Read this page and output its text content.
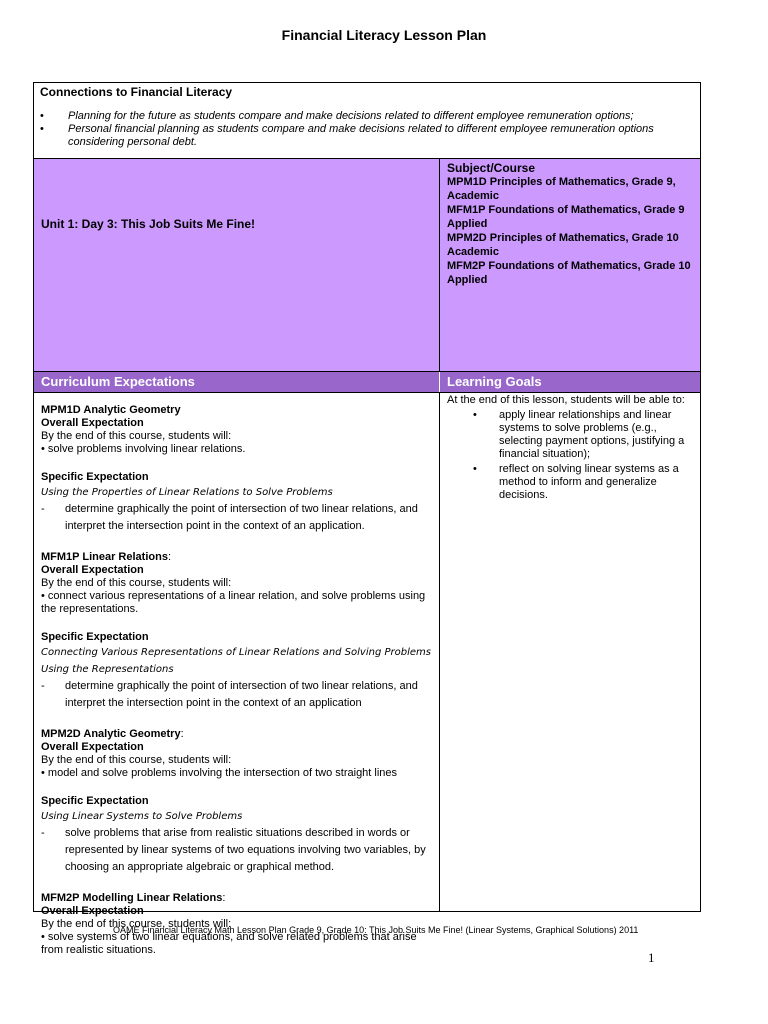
Financial Literacy Lesson Plan
Connections to Financial Literacy
• Planning for the future as students compare and make decisions related to different employee remuneration options;
• Personal financial planning as students compare and make decisions related to different employee remuneration options considering personal debt.
Unit 1: Day 3: This Job Suits Me Fine!
Subject/Course
MPM1D Principles of Mathematics, Grade 9, Academic
MFM1P Foundations of Mathematics, Grade 9 Applied
MPM2D Principles of Mathematics, Grade 10 Academic
MFM2P Foundations of Mathematics, Grade 10 Applied
Curriculum Expectations	Learning Goals
MPM1D Analytic Geometry
Overall Expectation
By the end of this course, students will:
• solve problems involving linear relations.
Specific Expectation
Using the Properties of Linear Relations to Solve Problems
- determine graphically the point of intersection of two linear relations, and interpret the intersection point in the context of an application.
MFM1P Linear Relations:
Overall Expectation
By the end of this course, students will:
• connect various representations of a linear relation, and solve problems using the representations.
Specific Expectation
Connecting Various Representations of Linear Relations and Solving Problems Using the Representations
- determine graphically the point of intersection of two linear relations, and interpret the intersection point in the context of an application
MPM2D Analytic Geometry:
Overall Expectation
By the end of this course, students will:
• model and solve problems involving the intersection of two straight lines
Specific Expectation
Using Linear Systems to Solve Problems
- solve problems that arise from realistic situations described in words or represented by linear systems of two equations involving two variables, by choosing an appropriate algebraic or graphical method.
MFM2P Modelling Linear Relations:
Overall Expectation
By the end of this course, students will:
• solve systems of two linear equations, and solve related problems that arise from realistic situations.
At the end of this lesson, students will be able to:
• apply linear relationships and linear systems to solve problems (e.g., selecting payment options, justifying a financial situation);
• reflect on solving linear systems as a method to inform and generalize decisions.
OAME Financial Literacy Math Lesson Plan Grade 9, Grade 10: This Job Suits Me Fine! (Linear Systems, Graphical Solutions) 2011
1
